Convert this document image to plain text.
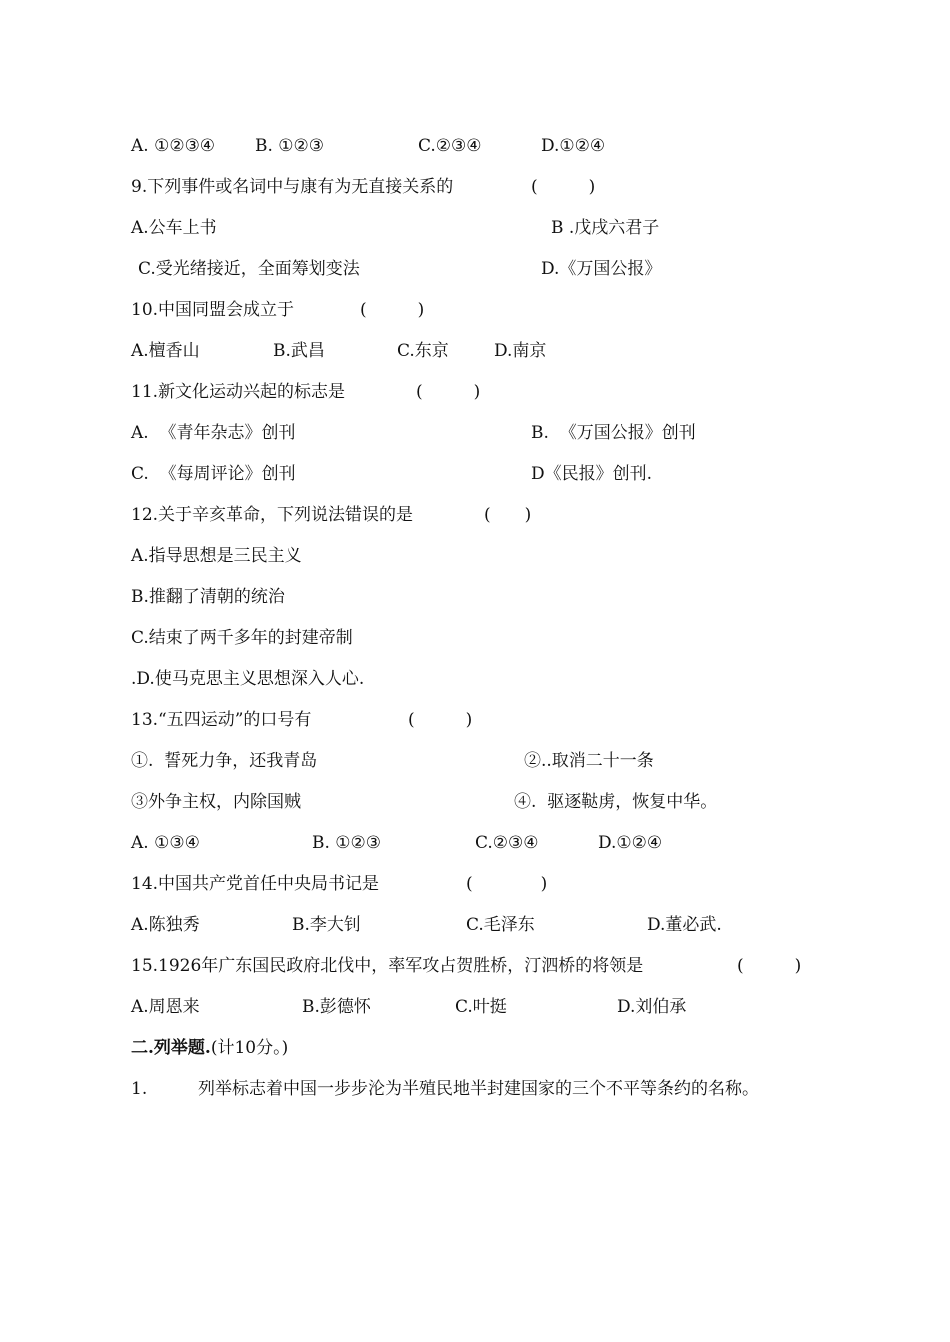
A. ①②③④ B. ①②③	C.②③④	D.①②④
9.下列事件或名词中与康有为无直接关系的	(　　　)
A.公车上书	B .戊戌六君子
C.受光绪接近，全面筹划变法	D.《万国公报》
10.中国同盟会成立于	(　　　)
A.檀香山	B.武昌	C.东京	D.南京
11.新文化运动兴起的标志是	(　　　)
A.  《青年杂志》创刊	B.  《万国公报》创刊
C.  《每周评论》创刊	D《民报》创刊.
12.关于辛亥革命，下列说法错误的是	(　　)
A.指导思想是三民主义
B.推翻了清朝的统治
C.结束了两千多年的封建帝制
.D.使马克思主义思想深入人心.
13.“五四运动”的口号有	(　　　)
①.  誓死力争，还我青岛	②..取消二十一条
③外争主权，内除国贼	④.  驱逐鞑虏，恢复中华。
A. ①③④	B. ①②③	C.②③④	D.①②④
14.中国共产党首任中央局书记是	(　　　　)
A.陈独秀	B.李大钊	C.毛泽东	D.董必武.
15.1926年广东国民政府北伐中，率军攻占贺胜桥，汀泗桥的将领是	(　　　)
A.周恩来	B.彭德怀	C.叶挺	D.刘伯承
二.列举题.(计10分。)
1.	列举标志着中国一步步沦为半殖民地半封建国家的三个不平等条约的名称。
